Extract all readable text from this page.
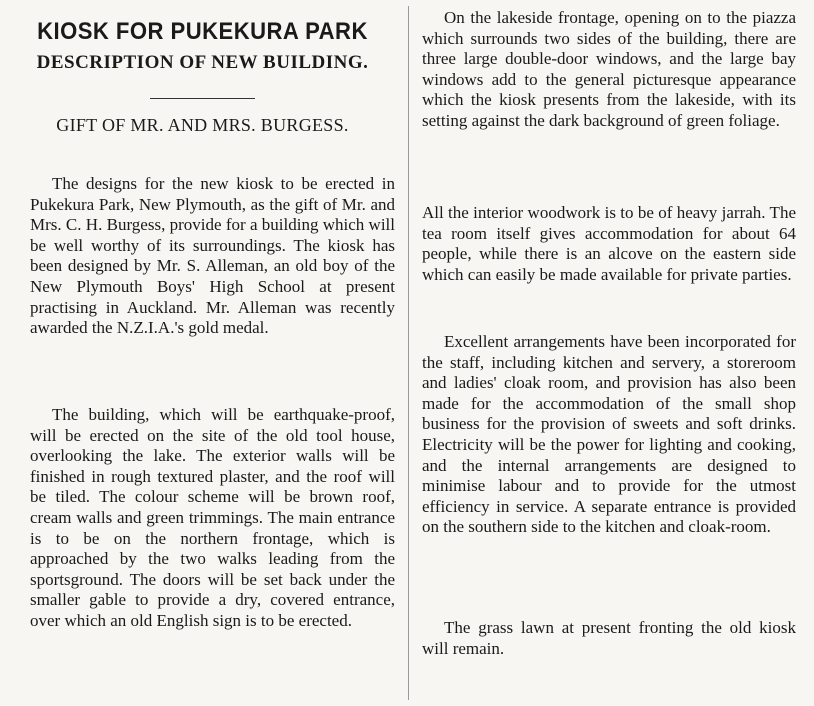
KIOSK FOR PUKEKURA PARK
DESCRIPTION OF NEW BUILDING.
GIFT OF MR. AND MRS. BURGESS.

The designs for the new kiosk to be erected in Pukekura Park, New Plymouth, as the gift of Mr. and Mrs. C. H. Burgess, provide for a building which will be well worthy of its surroundings. The kiosk has been designed by Mr. S. Alleman, an old boy of the New Plymouth Boys' High School at present practising in Auckland. Mr. Alleman was recently awarded the N.Z.I.A.'s gold medal.

The building, which will be earthquake-proof, will be erected on the site of the old tool house, overlooking the lake. The exterior walls will be finished in rough textured plaster, and the roof will be tiled. The colour scheme will be brown roof, cream walls and green trimmings. The main entrance is to be on the northern frontage, which is approached by the two walks leading from the sportsground. The doors will be set back under the smaller gable to provide a dry, covered entrance, over which an old English sign is to be erected.

On the lakeside frontage, opening on to the piazza which surrounds two sides of the building, there are three large double-door windows, and the large bay windows add to the general picturesque appearance which the kiosk presents from the lakeside, with its setting against the dark background of green foliage.

All the interior woodwork is to be of heavy jarrah. The tea room itself gives accommodation for about 64 people, while there is an alcove on the eastern side which can easily be made available for private parties.

Excellent arrangements have been incorporated for the staff, including kitchen and servery, a storeroom and ladies' cloak room, and provision has also been made for the accommodation of the small shop business for the provision of sweets and soft drinks. Electricity will be the power for lighting and cooking, and the internal arrangements are designed to minimise labour and to provide for the utmost efficiency in service. A separate entrance is provided on the southern side to the kitchen and cloak-room.

The grass lawn at present fronting the old kiosk will remain.
